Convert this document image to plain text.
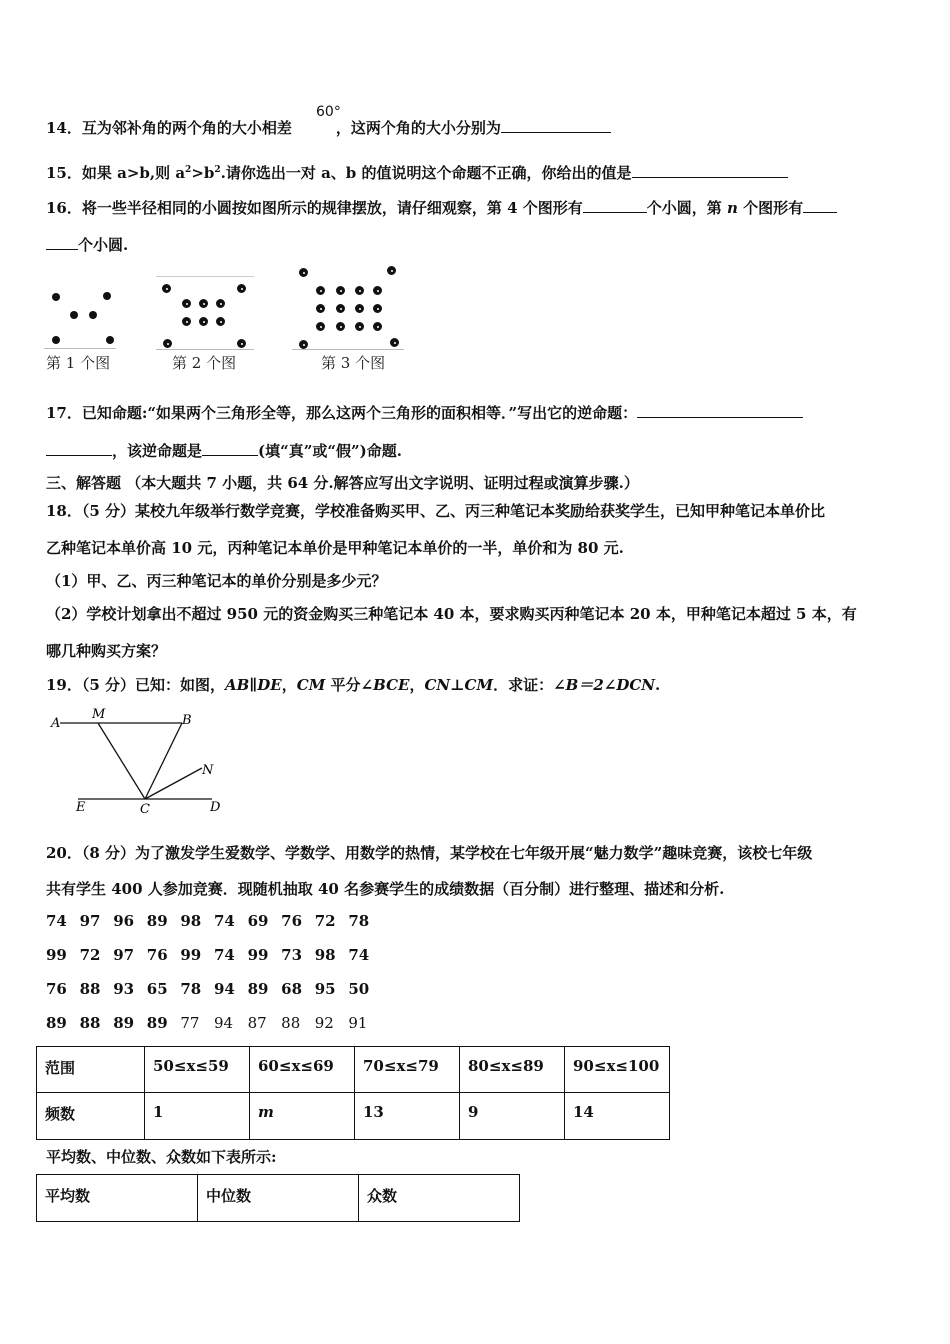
14．互为邻补角的两个角的大小相差	，这两个角的大小分别为
60°
15．如果 a>b,则 $a^2>b^2$.请你选出一对 a、b 的值说明这个命题不正确，你给出的值是
16．将一些半径相同的小圆按如图所示的规律摆放，请仔细观察，第 4 个图形有	个小圆，第 n 个图形有
个小圆.
第 1 个图	第 2 个图	第 3 个图
17．已知命题:“如果两个三角形全等，那么这两个三角形的面积相等．”写出它的逆命题：
，该逆命题是	(填“真”或“假”)命题.
三、解答题 （本大题共 7 小题，共 64 分.解答应写出文字说明、证明过程或演算步骤.）
18．（5 分）某校九年级举行数学竞赛，学校准备购买甲、乙、丙三种笔记本奖励给获奖学生，已知甲种笔记本单价比
乙种笔记本单价高 10 元，丙种笔记本单价是甲种笔记本单价的一半，单价和为 80 元.
（1）甲、乙、丙三种笔记本的单价分别是多少元？
（2）学校计划拿出不超过 950 元的资金购买三种笔记本 40 本，要求购买丙种笔记本 20 本，甲种笔记本超过 5 本，有
哪几种购买方案？
19．（5 分）已知：如图，AB∥DE，CM 平分∠BCE，CN⊥CM．求证：∠B＝2∠DCN.
A
M	B
N
E	C	D
20．（8 分）为了激发学生爱数学、学数学、用数学的热情，某学校在七年级开展“魅力数学”趣味竞赛，该校七年级
共有学生 400 人参加竞赛．现随机抽取 40 名参赛学生的成绩数据（百分制）进行整理、描述和分析.
74 97 96 89 98 74 69 76 72 78
99 72 97 76 99 74 99 73 98 74
76 88 93 65 78 94 89 68 95 50
89 88 89 89 77 94 87 88 92 91
范围	50≤x≤59	60≤x≤69	70≤x≤79	80≤x≤89	90≤x≤100
频数	1	m	13	9	14
平均数、中位数、众数如下表所示:
平均数	中位数	众数
